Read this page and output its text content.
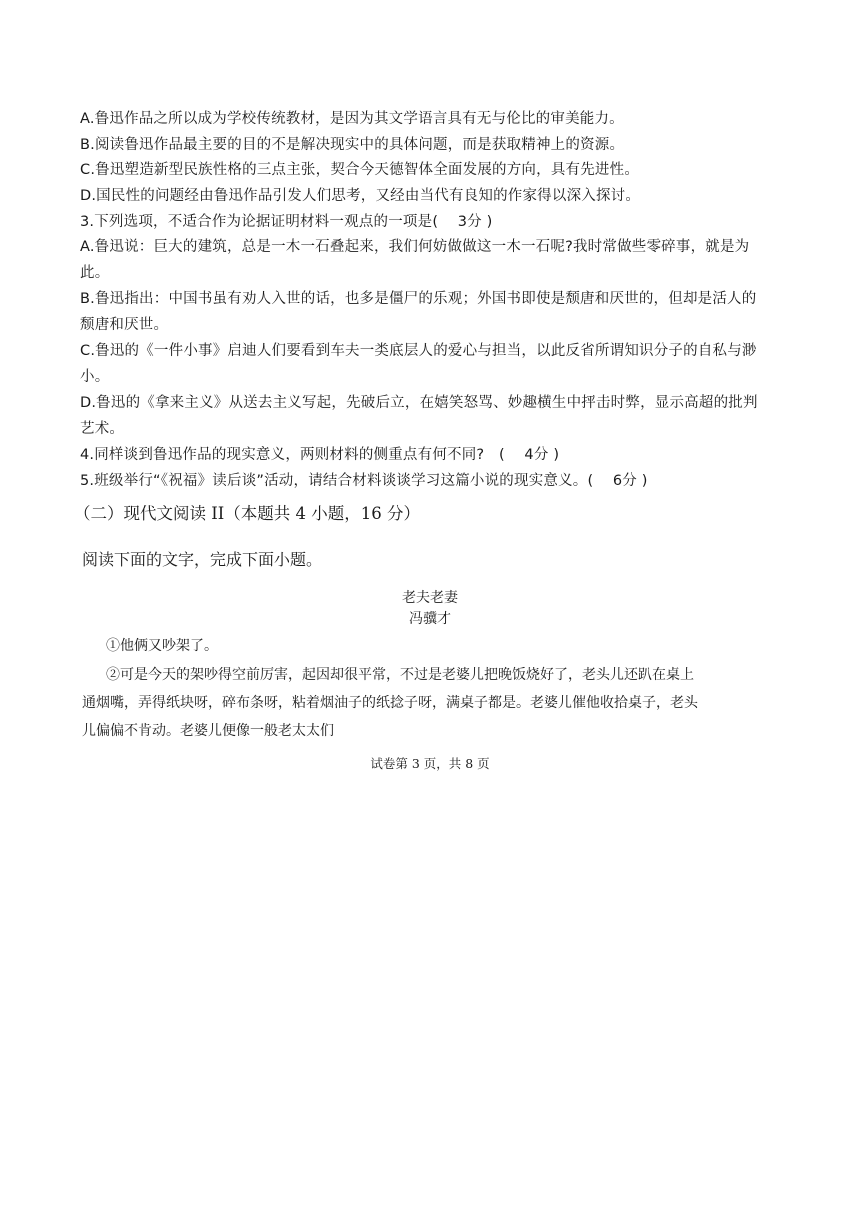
A.鲁迅作品之所以成为学校传统教材，是因为其文学语言具有无与伦比的审美能力。
B.阅读鲁迅作品最主要的目的不是解决现实中的具体问题，而是获取精神上的资源。
C.鲁迅塑造新型民族性格的三点主张，契合今天德智体全面发展的方向，具有先进性。
D.国民性的问题经由鲁迅作品引发人们思考，又经由当代有良知的作家得以深入探讨。
3.下列选项，不适合作为论据证明材料一观点的一项是(　 3分 )
A.鲁迅说：巨大的建筑，总是一木一石叠起来，我们何妨做做这一木一石呢?我时常做些零碎事，就是为
此。
B.鲁迅指出：中国书虽有劝人入世的话，也多是僵尸的乐观；外国书即使是颓唐和厌世的，但却是活人的
颓唐和厌世。
C.鲁迅的《一件小事》启迪人们要看到车夫一类底层人的爱心与担当，以此反省所谓知识分子的自私与渺
小。
D.鲁迅的《拿来主义》从送去主义写起，先破后立，在嬉笑怒骂、妙趣横生中抨击时弊，显示高超的批判
艺术。
4.同样谈到鲁迅作品的现实意义，两则材料的侧重点有何不同?　(　 4分 )
5.班级举行“《祝福》读后谈”活动，请结合材料谈谈学习这篇小说的现实意义。(　 6分 )
（二）现代文阅读 II（本题共 4 小题，16 分）
阅读下面的文字，完成下面小题。
老夫老妻
冯骥才
①他俩又吵架了。
②可是今天的架吵得空前厉害，起因却很平常，不过是老婆儿把晚饭烧好了，老头儿还趴在桌上
通烟嘴，弄得纸块呀，碎布条呀，粘着烟油子的纸捻子呀，满桌子都是。老婆儿催他收拾桌子，老头
儿偏偏不肯动。老婆儿便像一般老太太们
试卷第 3 页，共 8 页
